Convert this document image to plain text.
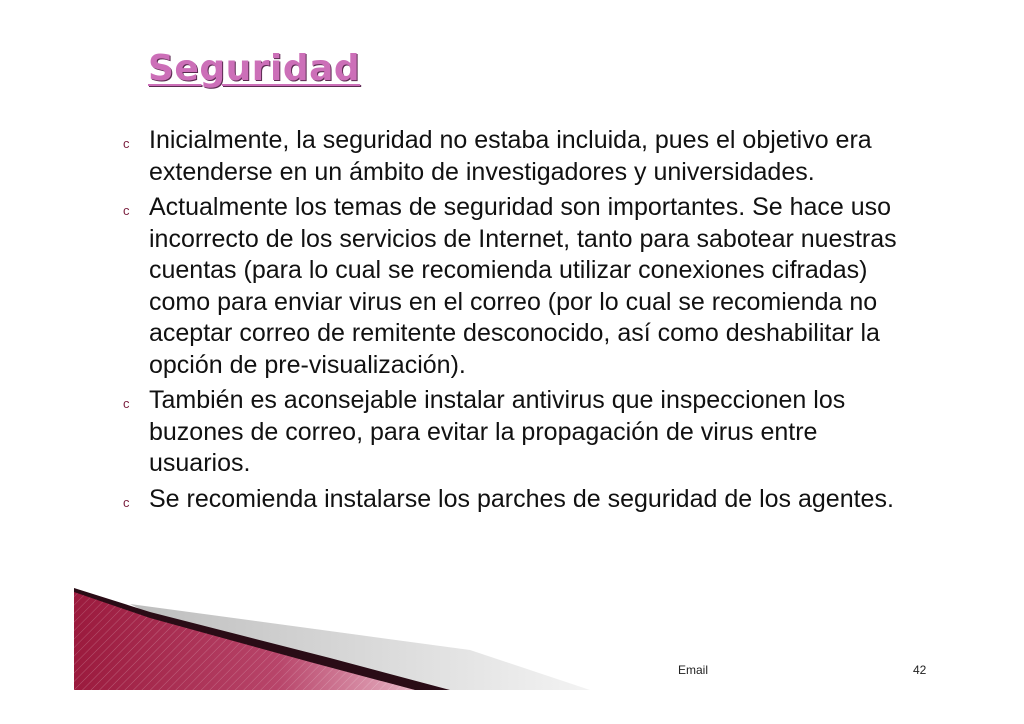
Seguridad
c Inicialmente, la seguridad no estaba incluida, pues el objetivo era extenderse en un ámbito de investigadores y universidades.
c Actualmente los temas de seguridad son importantes. Se hace uso incorrecto de los servicios de Internet, tanto para sabotear nuestras cuentas (para lo cual se recomienda utilizar conexiones cifradas) como para enviar virus en el correo (por lo cual se recomienda no aceptar correo de remitente desconocido, así como deshabilitar la opción de pre-visualización).
c También es aconsejable instalar antivirus que inspeccionen los buzones de correo, para evitar la propagación de virus entre usuarios.
c Se recomienda instalarse los parches de seguridad de los agentes.
Email	42
